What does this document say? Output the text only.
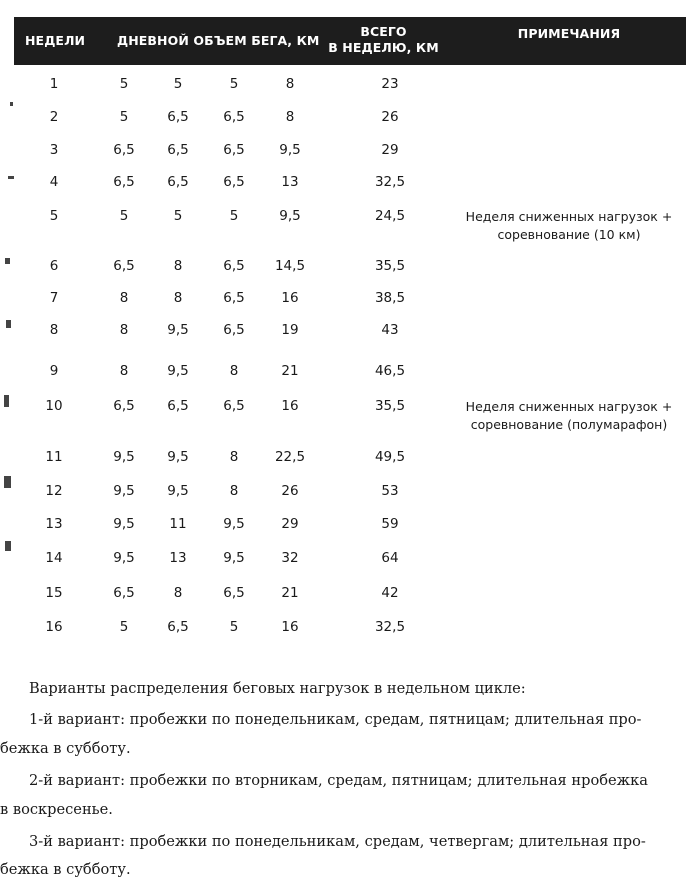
НЕДЕЛИ	ДНЕВНОЙ ОБЪЕМ БЕГА, КМ
ВСЕГО
В НЕДЕЛЮ, КМ
ПРИМЕЧАНИЯ
1	5	5	5	8	23
2	5	6,5	6,5	8	26
3	6,5	6,5	6,5	9,5	29
4	6,5	6,5	6,5	13	32,5
5	5	5	5	9,5	24,5	Неделя сниженных нагрузок + соревнование (10 км)
6	6,5	8	6,5	14,5	35,5
7	8	8	6,5	16	38,5
8	8	9,5	6,5	19	43
9	8	9,5	8	21	46,5
10	6,5	6,5	6,5	16	35,5	Неделя сниженных нагрузок + соревнование (полумарафон)
11	9,5	9,5	8	22,5	49,5
12	9,5	9,5	8	26	53
13	9,5	11	9,5	29	59
14	9,5	13	9,5	32	64
15	6,5	8	6,5	21	42
16	5	6,5	5	16	32,5
Варианты распределения беговых нагрузок в недельном цикле:
1-й вариант: пробежки по понедельникам, средам, пятницам; длительная про-
бежка в субботу.
2-й вариант: пробежки по вторникам, средам, пятницам; длительная нробежка
в воскресенье.
3-й вариант: пробежки по понедельникам, средам, четвергам; длительная про-
бежка в субботу.
